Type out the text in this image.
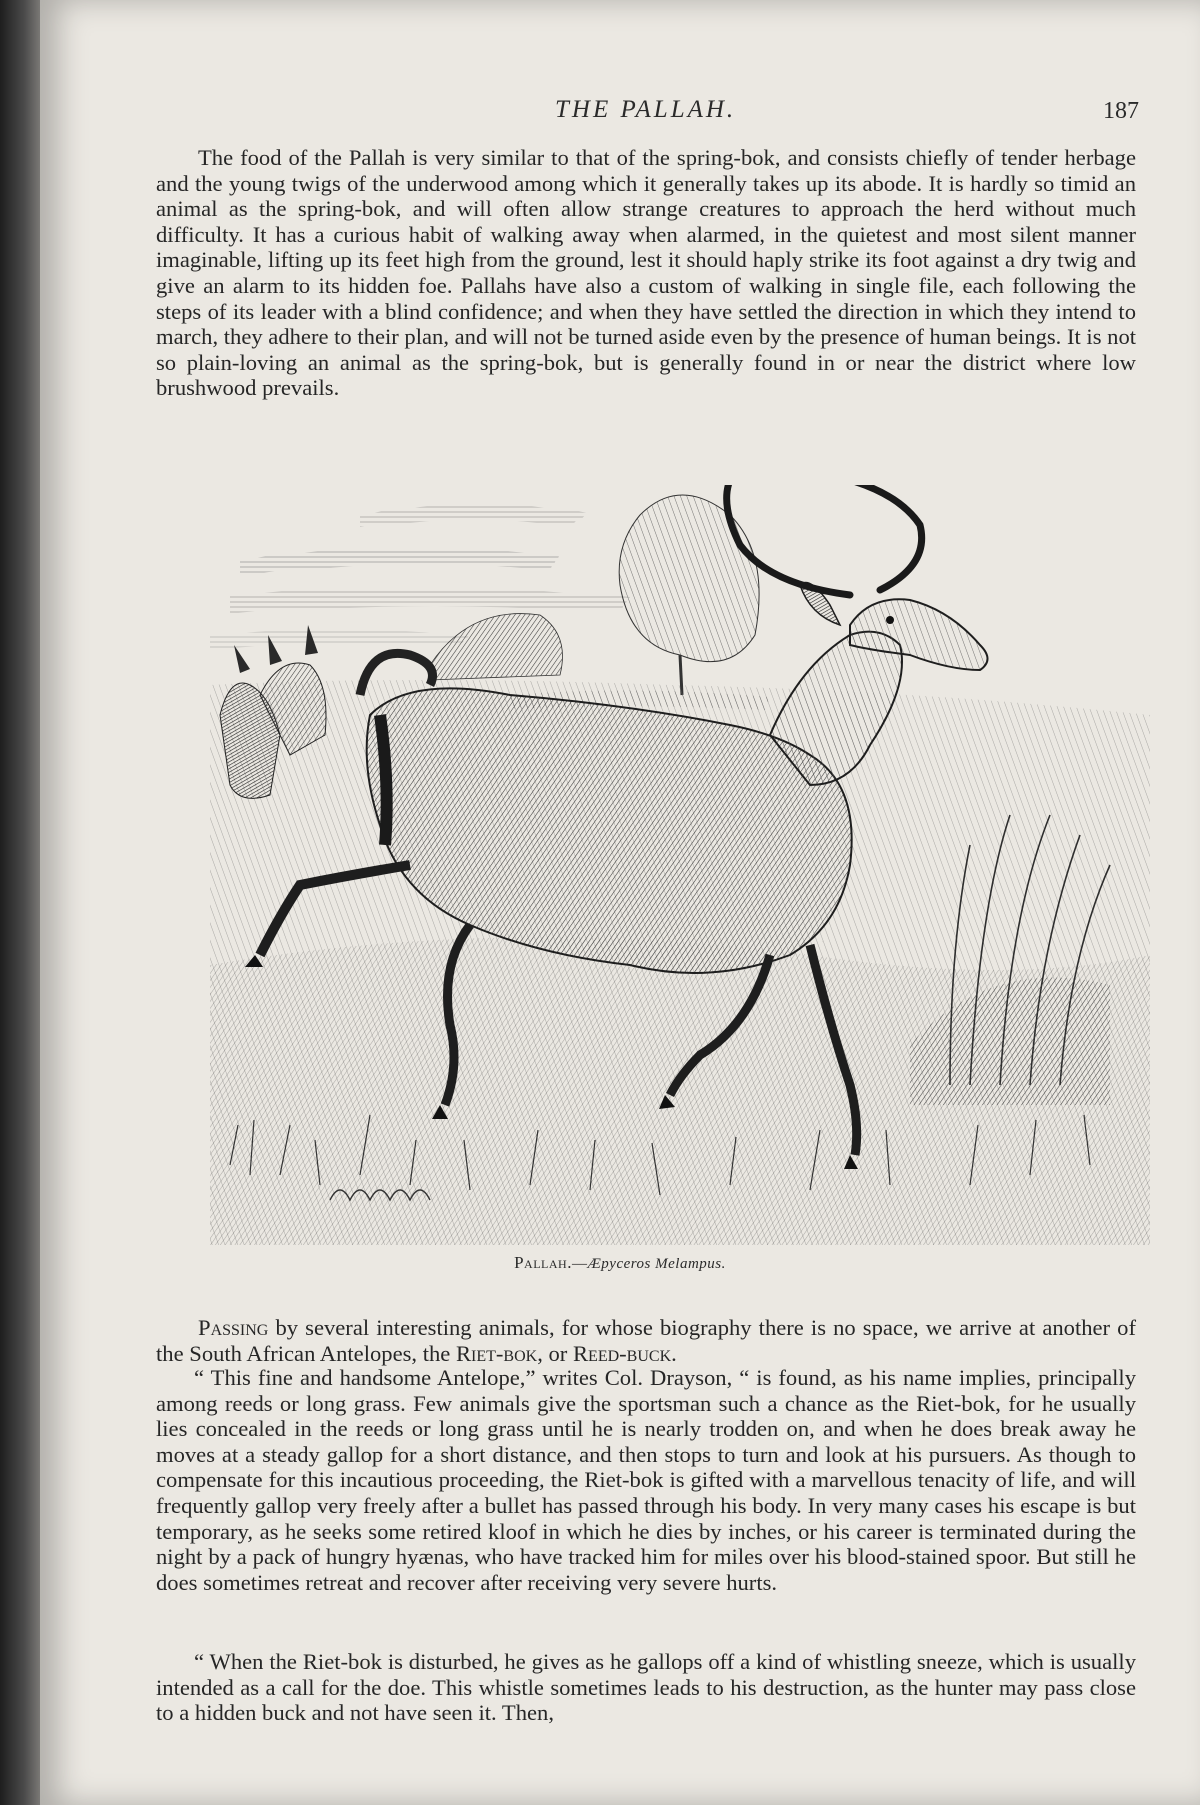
THE PALLAH.	187

The food of the Pallah is very similar to that of the spring-bok, and consists chiefly of tender herbage and the young twigs of the underwood among which it generally takes up its abode. It is hardly so timid an animal as the spring-bok, and will often allow strange creatures to approach the herd without much difficulty. It has a curious habit of walking away when alarmed, in the quietest and most silent manner imaginable, lifting up its feet high from the ground, lest it should haply strike its foot against a dry twig and give an alarm to its hidden foe. Pallahs have also a custom of walking in single file, each following the steps of its leader with a blind confidence; and when they have settled the direction in which they intend to march, they adhere to their plan, and will not be turned aside even by the presence of human beings. It is not so plain-loving an animal as the spring-bok, but is generally found in or near the district where low brushwood prevails.

Pallah.—Æpyceros Melampus.

Passing by several interesting animals, for whose biography there is no space, we arrive at another of the South African Antelopes, the Riet-bok, or Reed-buck.

“ This fine and handsome Antelope,” writes Col. Drayson, “ is found, as his name implies, principally among reeds or long grass. Few animals give the sportsman such a chance as the Riet-bok, for he usually lies concealed in the reeds or long grass until he is nearly trodden on, and when he does break away he moves at a steady gallop for a short distance, and then stops to turn and look at his pursuers. As though to compensate for this incautious proceeding, the Riet-bok is gifted with a marvellous tenacity of life, and will frequently gallop very freely after a bullet has passed through his body. In very many cases his escape is but temporary, as he seeks some retired kloof in which he dies by inches, or his career is terminated during the night by a pack of hungry hyænas, who have tracked him for miles over his blood-stained spoor. But still he does sometimes retreat and recover after receiving very severe hurts.

“ When the Riet-bok is disturbed, he gives as he gallops off a kind of whistling sneeze, which is usually intended as a call for the doe. This whistle sometimes leads to his destruction, as the hunter may pass close to a hidden buck and not have seen it. Then,
